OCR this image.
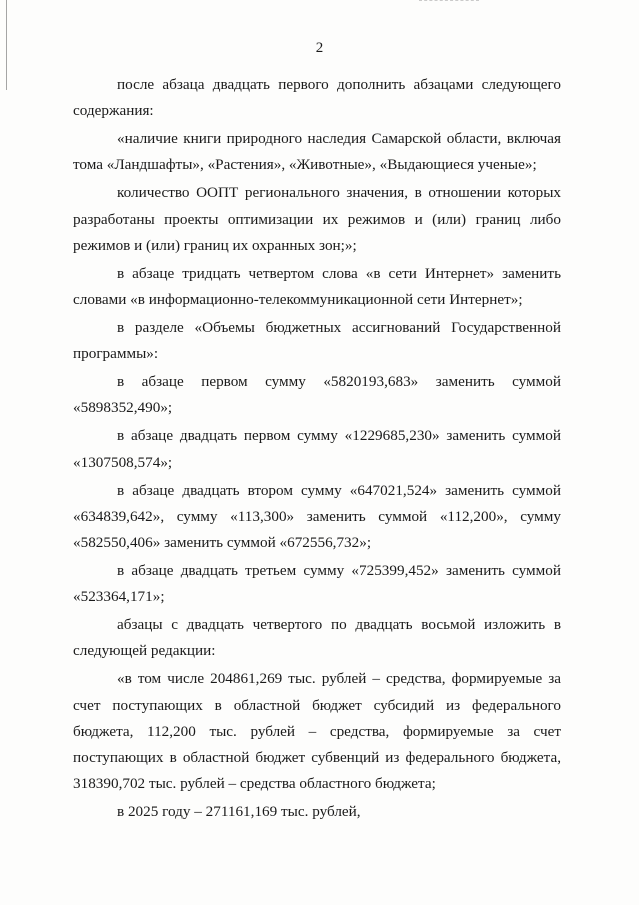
2

после абзаца двадцать первого дополнить абзацами следующего содержания:

«наличие книги природного наследия Самарской области, включая тома «Ландшафты», «Растения», «Животные», «Выдающиеся ученые»;

количество ООПТ регионального значения, в отношении которых разработаны проекты оптимизации их режимов и (или) границ либо режимов и (или) границ их охранных зон;»;

в абзаце тридцать четвертом слова «в сети Интернет» заменить словами «в информационно-телекоммуникационной сети Интернет»;

в разделе «Объемы бюджетных ассигнований Государственной программы»:

в абзаце первом сумму «5820193,683» заменить суммой «5898352,490»;

в абзаце двадцать первом сумму «1229685,230» заменить суммой «1307508,574»;

в абзаце двадцать втором сумму «647021,524» заменить суммой «634839,642», сумму «113,300» заменить суммой «112,200», сумму «582550,406» заменить суммой «672556,732»;

в абзаце двадцать третьем сумму «725399,452» заменить суммой «523364,171»;

абзацы с двадцать четвертого по двадцать восьмой изложить в следующей редакции:

«в том числе 204861,269 тыс. рублей – средства, формируемые за счет поступающих в областной бюджет субсидий из федерального бюджета, 112,200 тыс. рублей – средства, формируемые за счет поступающих в областной бюджет субвенций из федерального бюджета, 318390,702 тыс. рублей – средства областного бюджета;

в 2025 году – 271161,169 тыс. рублей,
